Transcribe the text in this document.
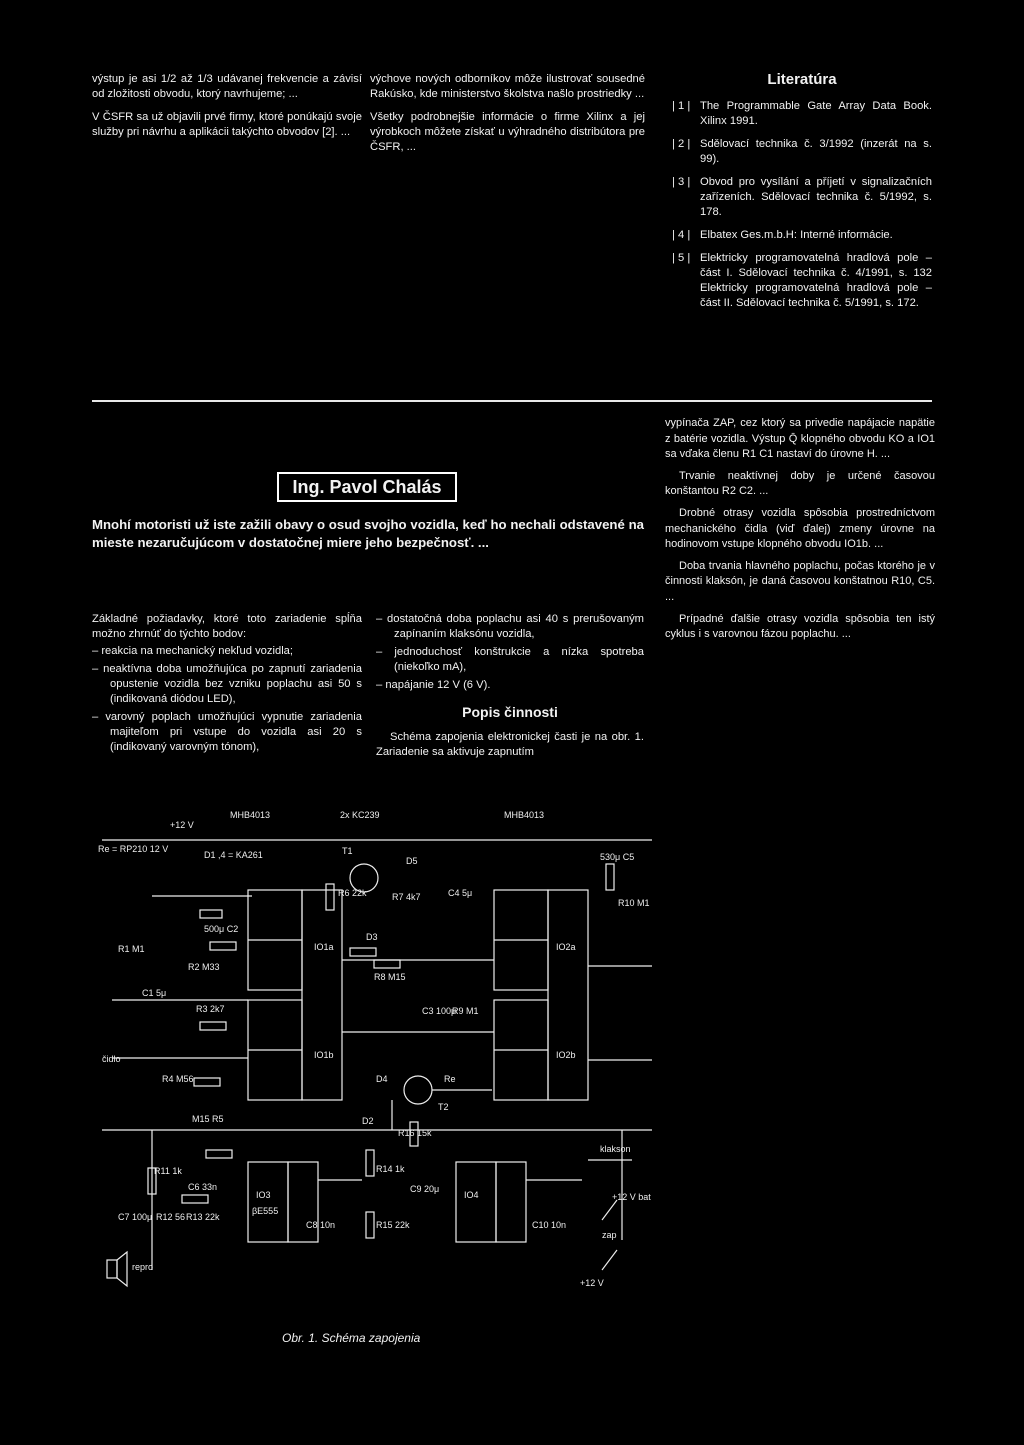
výstup je asi 1/2 až 1/3 udávanej frekvencie a závisí od zložitosti obvodu, ktorý navrhujeme; ...

V ČSFR sa už objavili prvé firmy, ktoré ponúkajú svoje služby pri návrhu a aplikácii takýchto obvodov [2]. ...

výchove nových odborníkov môže ilustrovať sousedné Rakúsko, kde ministerstvo školstva našlo prostriedky ...

Všetky podrobnejšie informácie o firme Xilinx a jej výrobkoch môžete získať u výhradného distribútora pre ČSFR, ...

Literatúra
| 1 | The Programmable Gate Array Data Book. Xilinx 1991.
| 2 | Sdělovací technika č. 3/1992 (inzerát na s. 99).
| 3 | Obvod pro vysílání a příjetí v signalizačních zařízeních. Sdělovací technika č. 5/1992, s. 178.
| 4 | Elbatex Ges.m.b.H: Interné informácie.
| 5 | Elektricky programovatelná hradlová pole – část I. Sdělovací technika č. 4/1991, s. 132 Elektricky programovatelná hradlová pole – část II. Sdělovací technika č. 5/1991, s. 172.
Ing. Pavol Chalás
Mnohí motoristi už iste zažili obavy o osud svojho vozidla, keď ho nechali odstavené na mieste nezaručujúcom v dostatočnej miere jeho bezpečnosť. ...

Základné požiadavky, ktoré toto zariadenie spĺňa možno zhrnúť do týchto bodov:

– reakcia na mechanický nekľud vozidla;
– neaktívna doba umožňujúca po zapnutí zariadenia opustenie vozidla bez vzniku poplachu asi 50 s (indikovaná diódou LED),
– varovný poplach umožňujúci vypnutie zariadenia majiteľom pri vstupe do vozidla asi 20 s (indikovaný varovným tónom),
– dostatočná doba poplachu asi 40 s prerušovaným zapínaním klaksónu vozidla,
– jednoduchosť konštrukcie a nízka spotreba (niekoľko mA),
– napájanie 12 V (6 V).
Popis činnosti

Schéma zapojenia elektronickej časti je na obr. 1. Zariadenie sa aktivuje zapnutím

vypínača ZAP, cez ktorý sa privedie napájacie napätie z batérie vozidla. Výstup Q̄ klopného obvodu KO a IO1 sa vďaka členu R1 C1 nastaví do úrovne H. ...

Trvanie neaktívnej doby je určené časovou konštantou R2 C2. ...

Drobné otrasy vozidla spôsobia prostredníctvom mechanického čidla (viď ďalej) zmeny úrovne na hodinovom vstupe klopného obvodu IO1b. ...

Doba trvania hlavného poplachu, počas ktorého je v činnosti klaksón, je daná časovou konštatnou R10, C5. ...

Prípadné ďalšie otrasy vozidla spôsobia ten istý cyklus i s varovnou fázou poplachu. ...

MHB4013	2x KC239	MHB4013
+12 V
Re = RP210 12 V
D1 ,4 = KA261	T1
R6 22k	R7 4k7	C4 5μ
D5	530μ C5
R10 M1
500μ C2
R2 M33
R1 M1
C1 5μ
R3 2k7
R4 M56
čidlo
IO1a
IO1b
IO2a
IO2b
D3
R8 M15
C3 100μ
R9 M1
D4	Re
T2
R16 15k
D2
M15 R5
R11 1k
C6 33n
IO3
βE555
C7 100μ R12 56 R13 22k
C8 10n
repro
R14 1k
C9 20μ
IO4
R15 22k	C10 10n
klakson
+12 V bat
zap
+12 V
Obr. 1. Schéma zapojenia
